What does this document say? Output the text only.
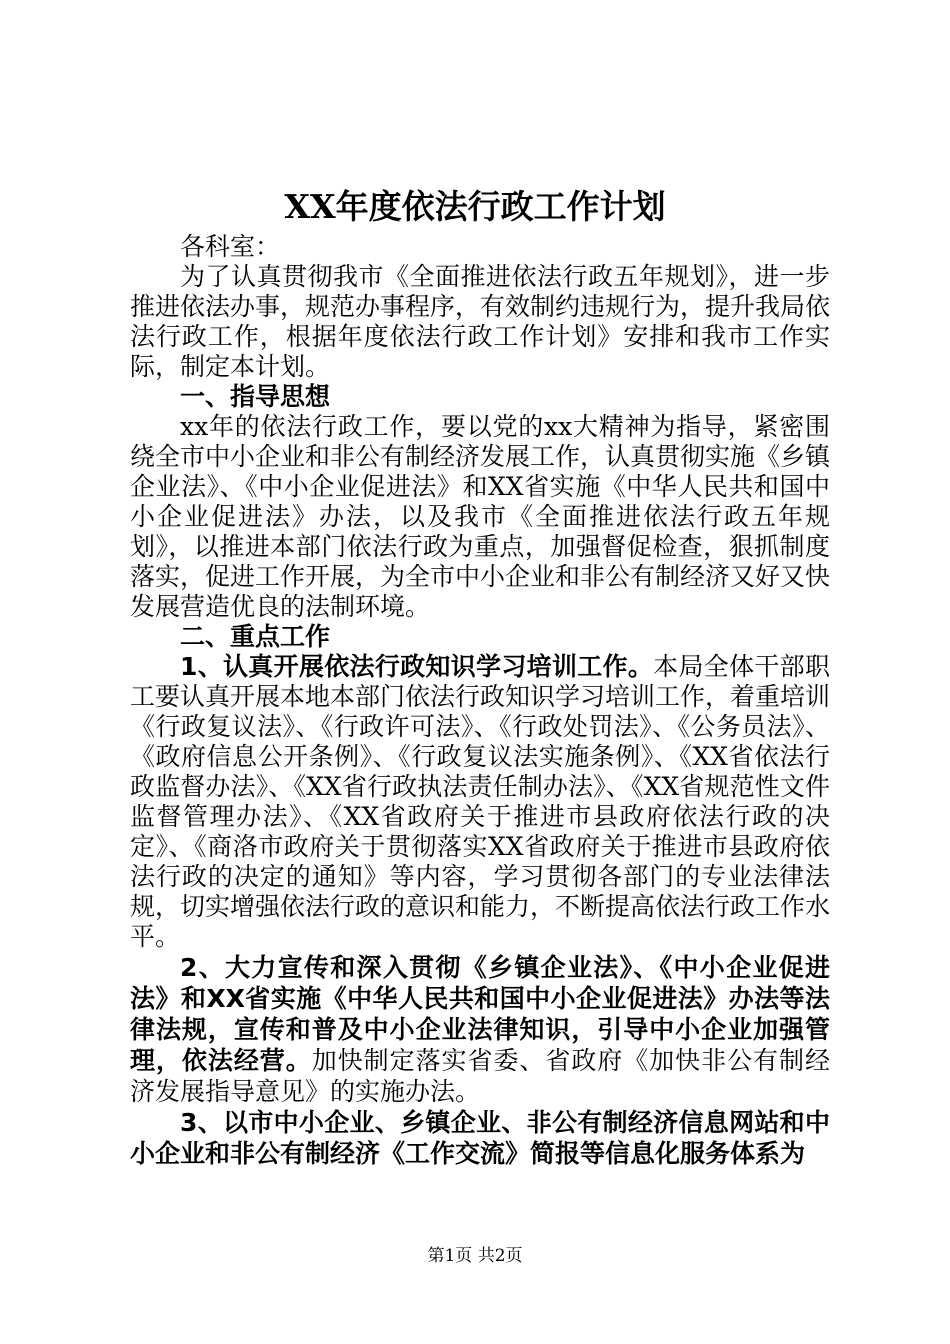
XX年度依法行政工作计划

各科室：

为了认真贯彻我市《全面推进依法行政五年规划》，进一步推进依法办事，规范办事程序，有效制约违规行为，提升我局依法行政工作，根据年度依法行政工作计划》安排和我市工作实际，制定本计划。

一、指导思想

xx年的依法行政工作，要以党的xx大精神为指导，紧密围绕全市中小企业和非公有制经济发展工作，认真贯彻实施《乡镇企业法》、《中小企业促进法》和XX省实施《中华人民共和国中小企业促进法》办法，以及我市《全面推进依法行政五年规划》，以推进本部门依法行政为重点，加强督促检查，狠抓制度落实，促进工作开展，为全市中小企业和非公有制经济又好又快发展营造优良的法制环境。

二、重点工作

1、认真开展依法行政知识学习培训工作。本局全体干部职工要认真开展本地本部门依法行政知识学习培训工作，着重培训《行政复议法》、《行政许可法》、《行政处罚法》、《公务员法》、《政府信息公开条例》、《行政复议法实施条例》、《XX省依法行政监督办法》、《XX省行政执法责任制办法》、《XX省规范性文件监督管理办法》、《XX省政府关于推进市县政府依法行政的决定》、《商洛市政府关于贯彻落实XX省政府关于推进市县政府依法行政的决定的通知》等内容，学习贯彻各部门的专业法律法规，切实增强依法行政的意识和能力，不断提高依法行政工作水平。

2、大力宣传和深入贯彻《乡镇企业法》、《中小企业促进法》和XX省实施《中华人民共和国中小企业促进法》办法等法律法规，宣传和普及中小企业法律知识，引导中小企业加强管理，依法经营。加快制定落实省委、省政府《加快非公有制经济发展指导意见》的实施办法。

3、以市中小企业、乡镇企业、非公有制经济信息网站和中小企业和非公有制经济《工作交流》简报等信息化服务体系为

第1页 共2页
